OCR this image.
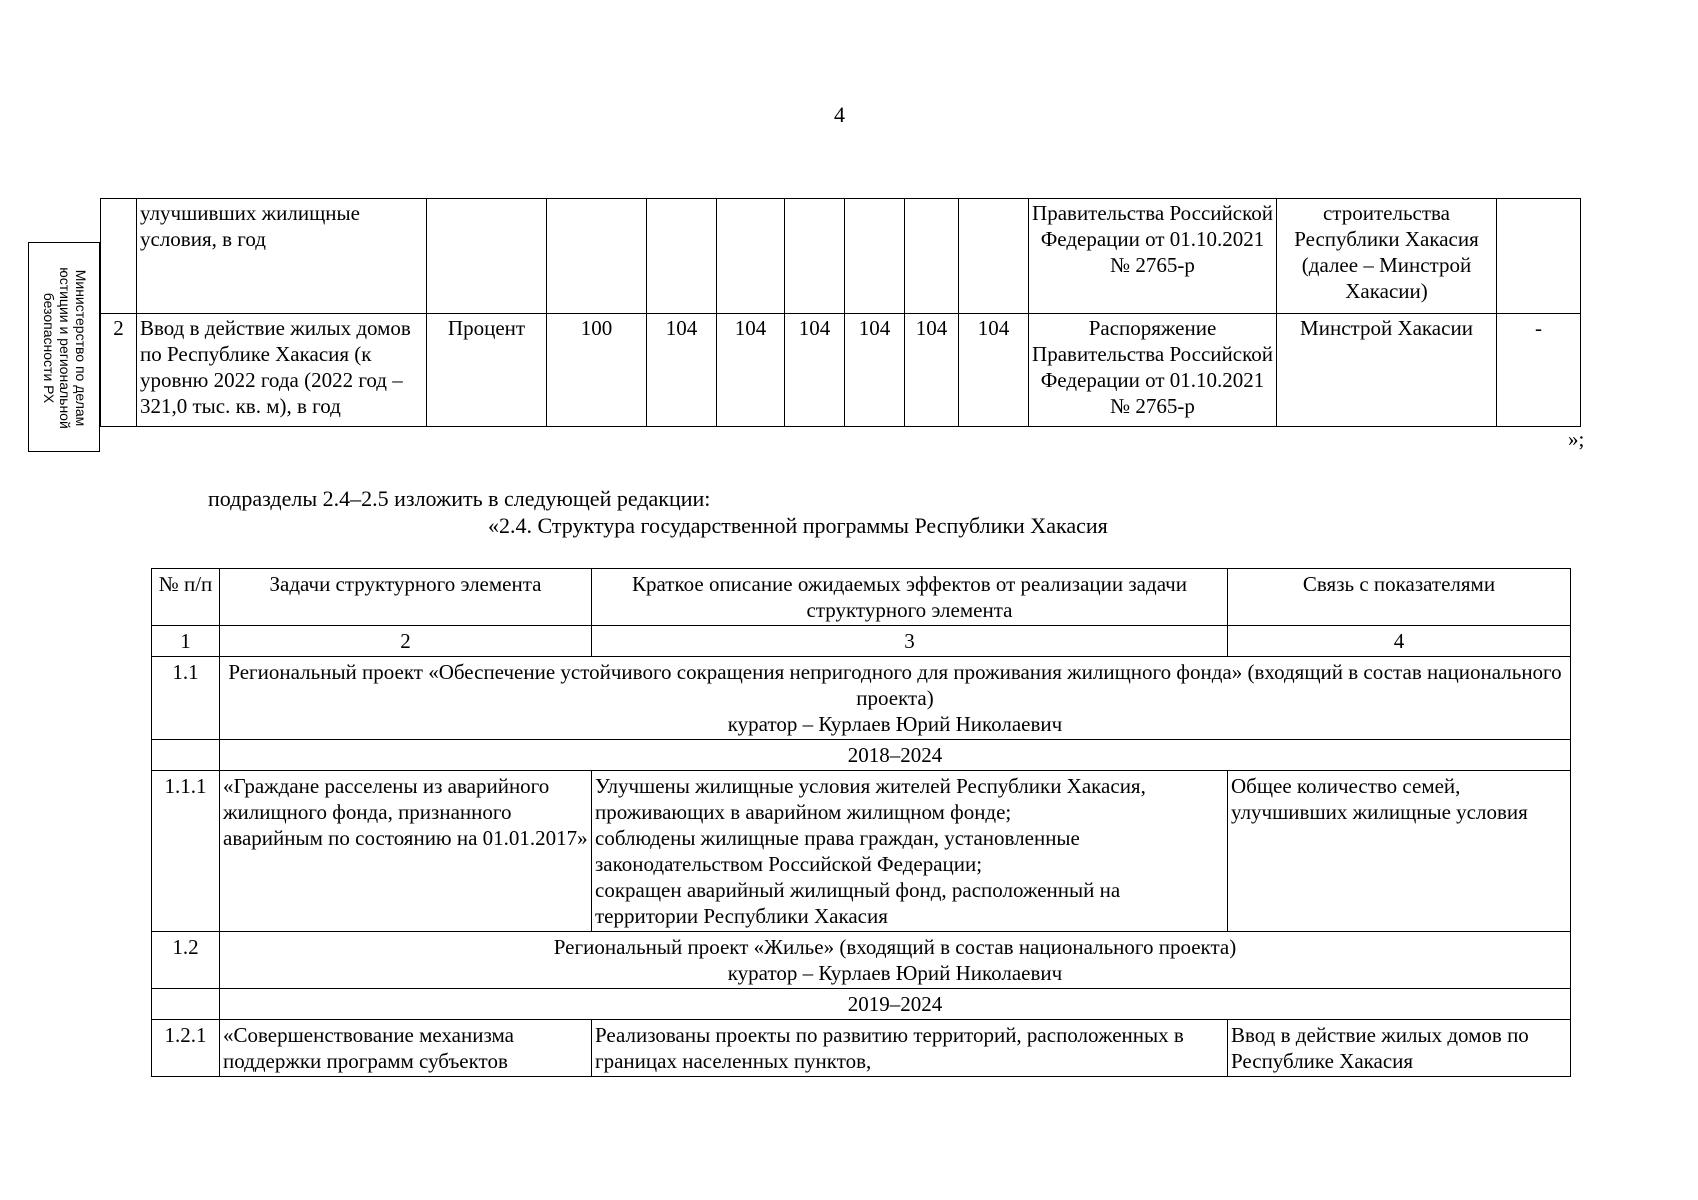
4
Министерство по делам юстиции и региональной безопасности РХ
	улучшивших жилищные условия, в год									Правительства Российской Федерации от 01.10.2021 № 2765-р	строительства Республики Хакасия (далее – Минстрой Хакасии)	
2	Ввод в действие жилых домов по Республике Хакасия (к уровню 2022 года (2022 год – 321,0 тыс. кв. м), в год	Процент	100	104	104	104	104	104	104	Распоряжение Правительства Российской Федерации от 01.10.2021 № 2765-р	Минстрой Хакасии	-
»;
подразделы 2.4–2.5 изложить в следующей редакции:
«2.4. Структура государственной программы Республики Хакасия
№ п/п	Задачи структурного элемента	Краткое описание ожидаемых эффектов от реализации задачи структурного элемента	Связь с показателями
1	2	3	4
1.1	Региональный проект «Обеспечение устойчивого сокращения непригодного для проживания жилищного фонда» (входящий в состав национального проекта)
куратор – Курлаев Юрий Николаевич		

	2018–2024		
1.1.1	«Граждане расселены из аварийного жилищного фонда, признанного аварийным по состоянию на 01.01.2017»	Улучшены жилищные условия жителей Республики Хакасия, проживающих в аварийном жилищном фонде;
соблюдены жилищные права граждан, установленные законодательством Российской Федерации;
сокращен аварийный жилищный фонд, расположенный на территории Республики Хакасия	Общее количество семей, улучшивших жилищные условия
1.2	Региональный проект «Жилье» (входящий в состав национального проекта)
куратор – Курлаев Юрий Николаевич		

	2019–2024		
1.2.1	«Совершенствование механизма поддержки программ субъектов	Реализованы проекты по развитию территорий, расположенных в границах населенных пунктов,	Ввод в действие жилых домов по Республике Хакасия
